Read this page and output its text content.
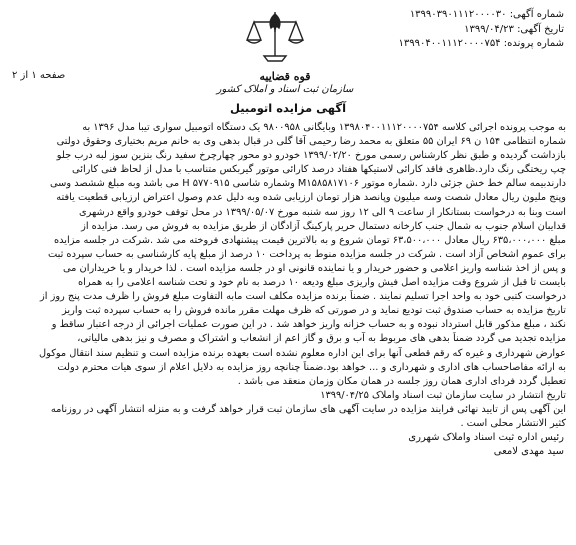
شماره آگهی: ۱۳۹۹۰۳۹۰۱۱۱۲۰۰۰۰۳۰
تاریخ آگهی: ۱۳۹۹/۰۴/۲۳
شماره پرونده: ۱۳۹۹۰۴۰۰۱۱۱۲۰۰۰۰۷۵۴
قوه قضاییه
سازمان ثبت اسناد و املاک کشور
صفحه ۱ از ۲
آگهی مزایده اتومبیل
به موجب پرونده اجرائی کلاسه ۱۳۹۸۰۴۰۰۱۱۱۲۰۰۰۰۷۵۴ وبایگانی ۹۸۰۰۹۵۸ یک دستگاه اتومبیل سواری تیبا مدل ۱۳۹۶ به
شماره انتظامی ۱۵۴ ن ۶۹ ایران ۵۵ متعلق به محمد رضا رحیمی آقا گلی در قبال بدهی وی به خانم مریم بختیاری وحقوق دولتی
بازداشت گردیده و طبق نظر کارشناس رسمی مورخ ۱۳۹۹/۰۲/۲۰ خودرو دو محور چهارچرخ سفید رنگ بنزین سوز لبه درب جلو
چپ ریختگی رنگ دارد.ظاهری فاقد کارائی لاستیکها هفتاد درصد کارائی موتور گیربکس متناسب با مدل از لحاظ فنی کارائی
دارندبیمه سالم خط خش جزئی دارد .شماره موتور M۱۵۸۵۸۱۷۱۰۶ وشماره شاسی H ۵۷۷۰۹۱۵ می باشد وبه مبلغ ششصد وسی
وپنج ملیون ریال معادل شصت وسه میلیون وپانصد هزار تومان ارزیابی شده وبه دلیل عدم وصول اعتراض ارزیابی قطعیت یافته
است وبنا به درخواست بستانکار از ساعت ۹ الی ۱۲ روز سه شنبه مورخ ۱۳۹۹/۰۵/۰۷ در محل توقف خودرو واقع درشهری
قدایبان اسلام جنوب به شمال جنب کارخانه دستمال حریر پارکینگ آزادگان از طریق مزایده به فروش می رسد. مزایده از
مبلغ ۶۳۵،۰۰۰،۰۰۰ ریال معادل ۶۳،۵۰۰،۰۰۰ تومان شروع و به بالاترین قیمت پیشنهادی فروخته می شد .شرکت در جلسه مزایده
برای عموم اشخاص آزاد است . شرکت در جلسه مزایده منوط به پرداخت ۱۰ درصد از مبلغ پایه کارشناسی به حساب سپرده ثبت
و پس از اخذ شناسه واریز اعلامی و حضور خریدار و یا نماینده قانونی او در جلسه مزایده است . لذا خریدار و یا خریداران می
بایست تا قبل از شروع وقت مزایده اصل فیش واریزی مبلغ ودیعه ۱۰ درصد به نام خود و تحت شناسه اعلامی را به همراه
درخواست کتبی خود به واحد اجرا تسلیم نمایند . ضمناً برنده مزایده مکلف است مابه التفاوت مبلغ فروش را ظرف مدت پنج روز از
تاریخ مزایده به حساب صندوق ثبت تودیع نماید و در صورتی که ظرف مهلت مقرر مانده فروش را به حساب سپرده ثبت واریز
نکند ، مبلغ مذکور قابل استرداد نبوده و به حساب خزانه واریز خواهد شد . در این صورت عملیات اجرائی از درجه اعتبار ساقط و
مزایده تجدید می گردد ضمناً بدهی های مربوط به آب و برق و گاز اعم از انشعاب و اشتراک و مصرف و نیز بدهی مالیاتی،
عوارض شهرداری و غیره که رقم قطعی آنها برای این اداره معلوم نشده است بعهده برنده مزایده است و تنظیم سند انتقال موکول
به ارائه مفاصاحساب های اداری و شهرداری و ... خواهد بود.ضمناً چنانچه روز مزایده به دلایل اعلام از سوی هیات محترم دولت
تعطیل گردد فردای اداری همان روز جلسه در همان مکان وزمان منعقد می باشد .
تاریخ انتشار در سایت سازمان ثبت اسناد واملاک ۱۳۹۹/۰۴/۲۵
این آگهی پس از تایید نهائی فرایند مزایده در سایت آگهی های سازمان ثبت قرار خواهد گرفت و به منزله انتشار آگهی در روزنامه
کثیر الانتشار محلی است .
رئیس اداره ثبت اسناد واملاک شهرری
سید مهدی لامعی
